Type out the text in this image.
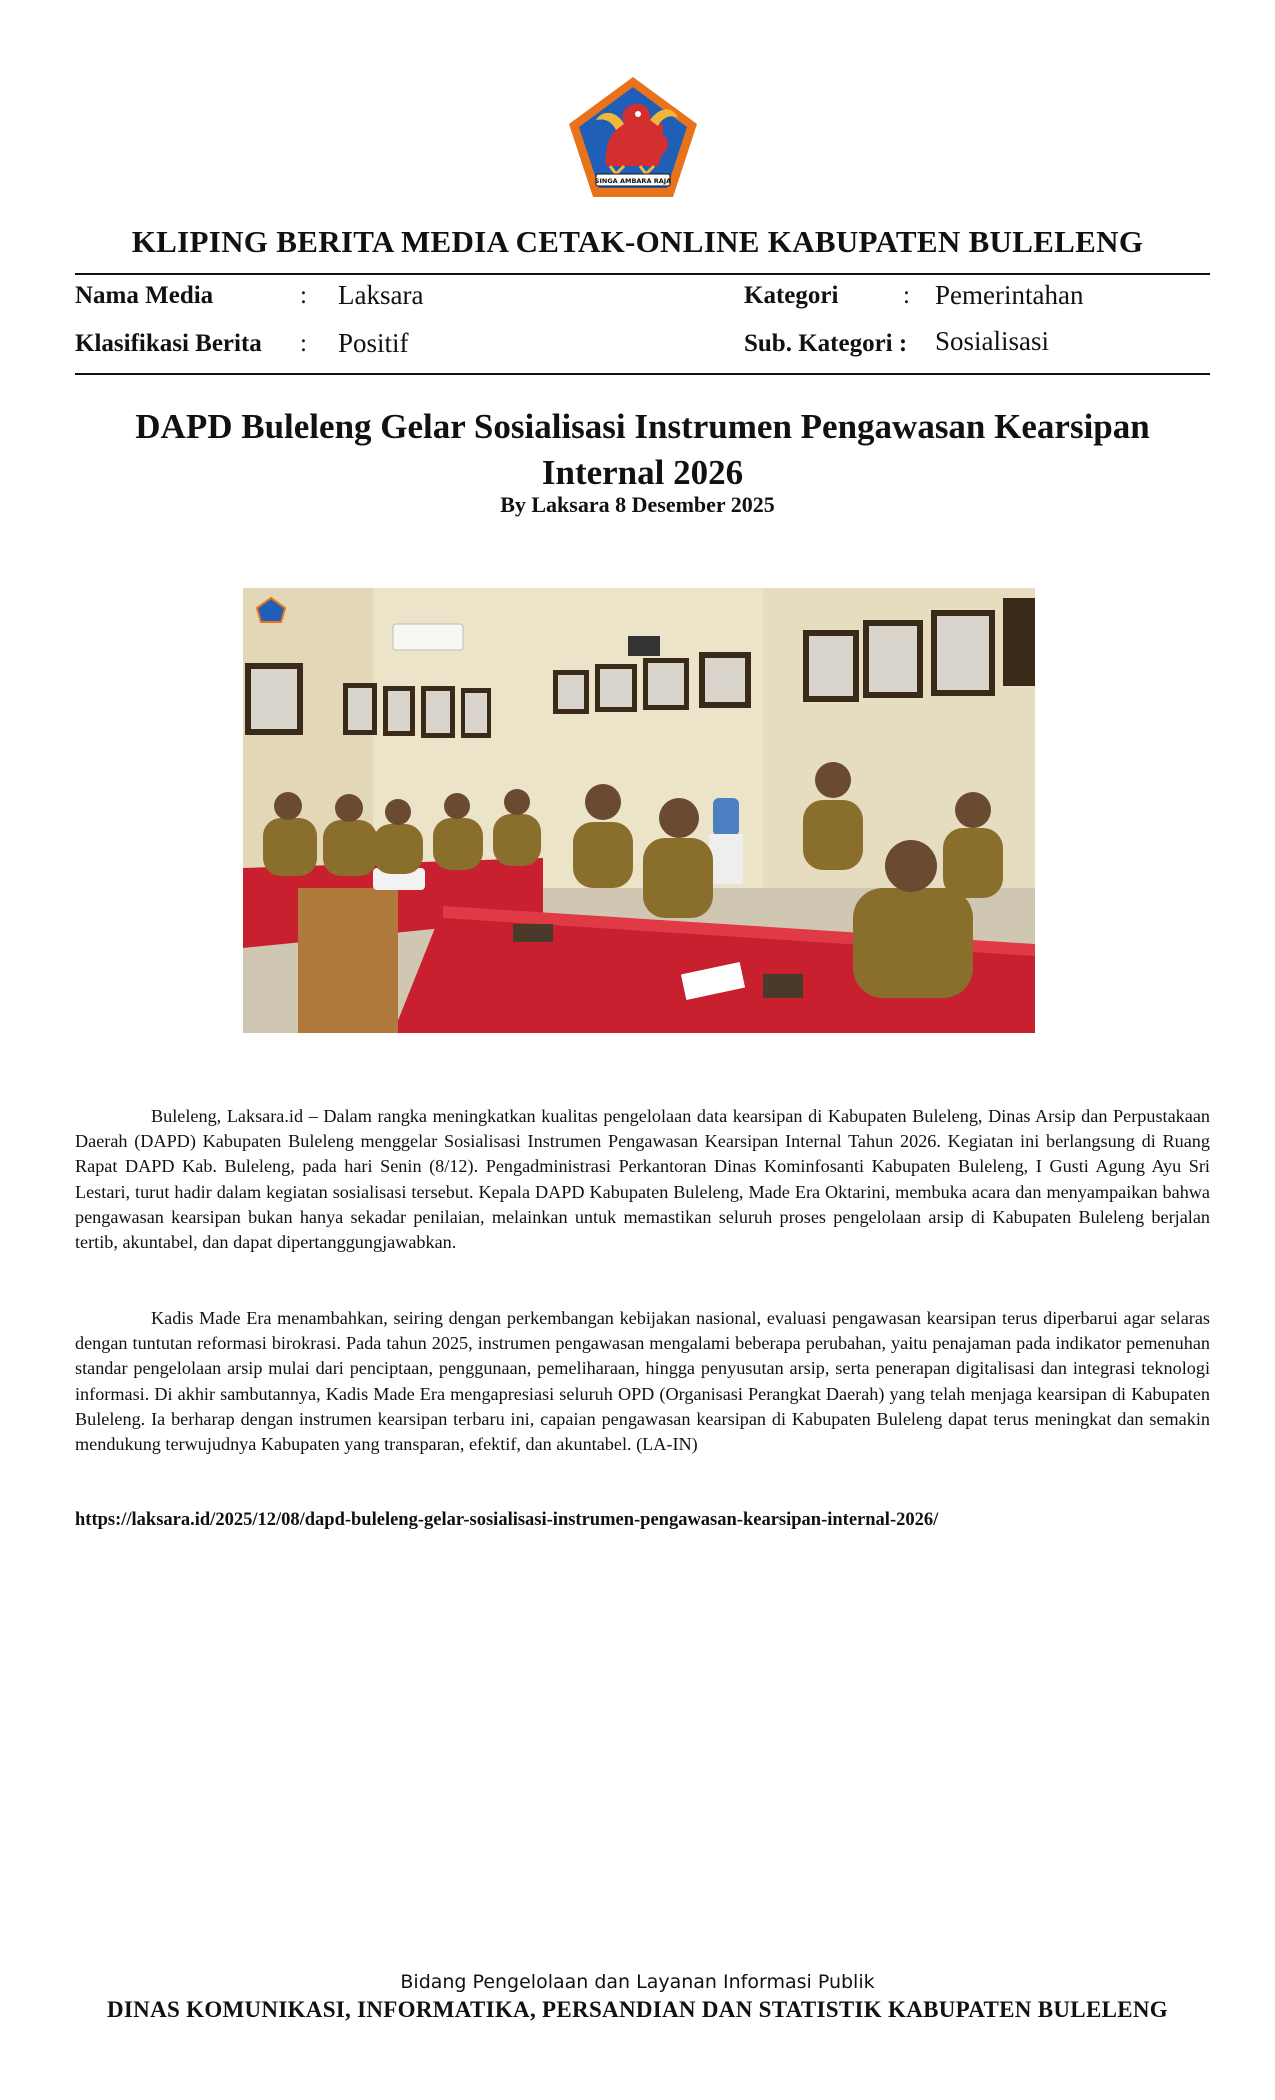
SINGA AMBARA RAJA
KLIPING BERITA MEDIA CETAK-ONLINE KABUPATEN BULELENG
Nama Media	: Laksara	Kategori	: Pemerintahan
Klasifikasi Berita : Positif	Sub. Kategori : Sosialisasi
DAPD Buleleng Gelar Sosialisasi Instrumen Pengawasan Kearsipan Internal 2026
By Laksara 8 Desember 2025

Buleleng, Laksara.id – Dalam rangka meningkatkan kualitas pengelolaan data kearsipan di Kabupaten Buleleng, Dinas Arsip dan Perpustakaan Daerah (DAPD) Kabupaten Buleleng menggelar Sosialisasi Instrumen Pengawasan Kearsipan Internal Tahun 2026. Kegiatan ini berlangsung di Ruang Rapat DAPD Kab. Buleleng, pada hari Senin (8/12). Pengadministrasi Perkantoran Dinas Kominfosanti Kabupaten Buleleng, I Gusti Agung Ayu Sri Lestari, turut hadir dalam kegiatan sosialisasi tersebut. Kepala DAPD Kabupaten Buleleng, Made Era Oktarini, membuka acara dan menyampaikan bahwa pengawasan kearsipan bukan hanya sekadar penilaian, melainkan untuk memastikan seluruh proses pengelolaan arsip di Kabupaten Buleleng berjalan tertib, akuntabel, dan dapat dipertanggungjawabkan.

Kadis Made Era menambahkan, seiring dengan perkembangan kebijakan nasional, evaluasi pengawasan kearsipan terus diperbarui agar selaras dengan tuntutan reformasi birokrasi. Pada tahun 2025, instrumen pengawasan mengalami beberapa perubahan, yaitu penajaman pada indikator pemenuhan standar pengelolaan arsip mulai dari penciptaan, penggunaan, pemeliharaan, hingga penyusutan arsip, serta penerapan digitalisasi dan integrasi teknologi informasi. Di akhir sambutannya, Kadis Made Era mengapresiasi seluruh OPD (Organisasi Perangkat Daerah) yang telah menjaga kearsipan di Kabupaten Buleleng. Ia berharap dengan instrumen kearsipan terbaru ini, capaian pengawasan kearsipan di Kabupaten Buleleng dapat terus meningkat dan semakin mendukung terwujudnya Kabupaten yang transparan, efektif, dan akuntabel. (LA-IN)

https://laksara.id/2025/12/08/dapd-buleleng-gelar-sosialisasi-instrumen-pengawasan-kearsipan-internal-2026/
Bidang Pengelolaan dan Layanan Informasi Publik
DINAS KOMUNIKASI, INFORMATIKA, PERSANDIAN DAN STATISTIK KABUPATEN BULELENG
